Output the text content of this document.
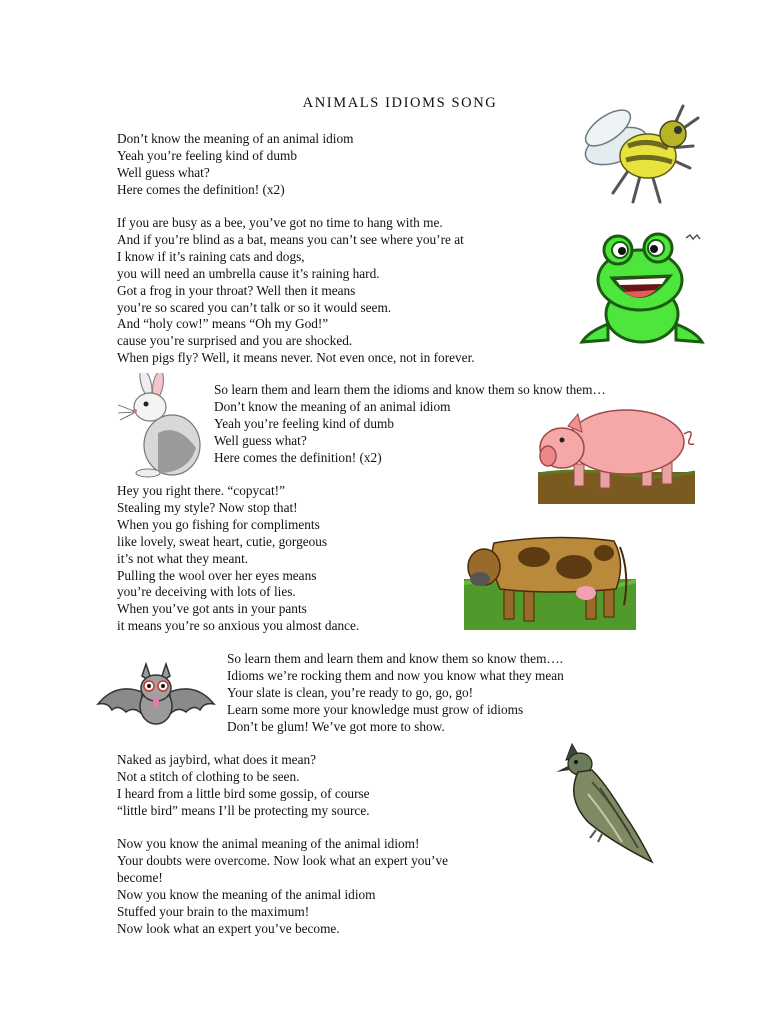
ANIMALS IDIOMS SONG
Don’t know the meaning of an animal idiom
Yeah you’re feeling kind of dumb
Well guess what?
Here comes the definition! (x2)
If you are busy as a bee, you’ve got no time to hang with me.
And if you’re blind as a bat, means you can’t see where you’re at
I know if it’s raining cats and dogs,
you will need an umbrella cause it’s raining hard.
Got a frog in your throat? Well then it means
you’re so scared you can’t talk or so it would seem.
And “holy cow!” means “Oh my God!”
cause you’re surprised and you are shocked.
When pigs fly? Well, it means never. Not even once, not in forever.
So learn them and learn them the idioms and know them so know them…
Don’t know the meaning of an animal idiom
Yeah you’re feeling kind of dumb
Well guess what?
Here comes the definition! (x2)
Hey you right there. “copycat!”
Stealing my style? Now stop that!
When you go fishing for compliments
like lovely, sweat heart, cutie, gorgeous
it’s not what they meant.
Pulling the wool over her eyes means
you’re deceiving with lots of lies.
When you’ve got ants in your pants
it means you’re so anxious you almost dance.
So learn them and learn them and know them so know them….
Idioms we’re rocking them and now you know what they mean
Your slate is clean, you’re ready to go, go, go!
Learn some more your knowledge must grow of idioms
Don’t be glum! We’ve got more to show.
Naked as jaybird, what does it mean?
Not a stitch of clothing to be seen.
I heard from a little bird some gossip, of course
“little bird” means I’ll be protecting my source.
Now you know the animal meaning of the animal idiom!
Your doubts were overcome. Now look what an expert you’ve
become!
Now you know the meaning of the animal idiom
Stuffed your brain to the maximum!
Now look what an expert you’ve become.
